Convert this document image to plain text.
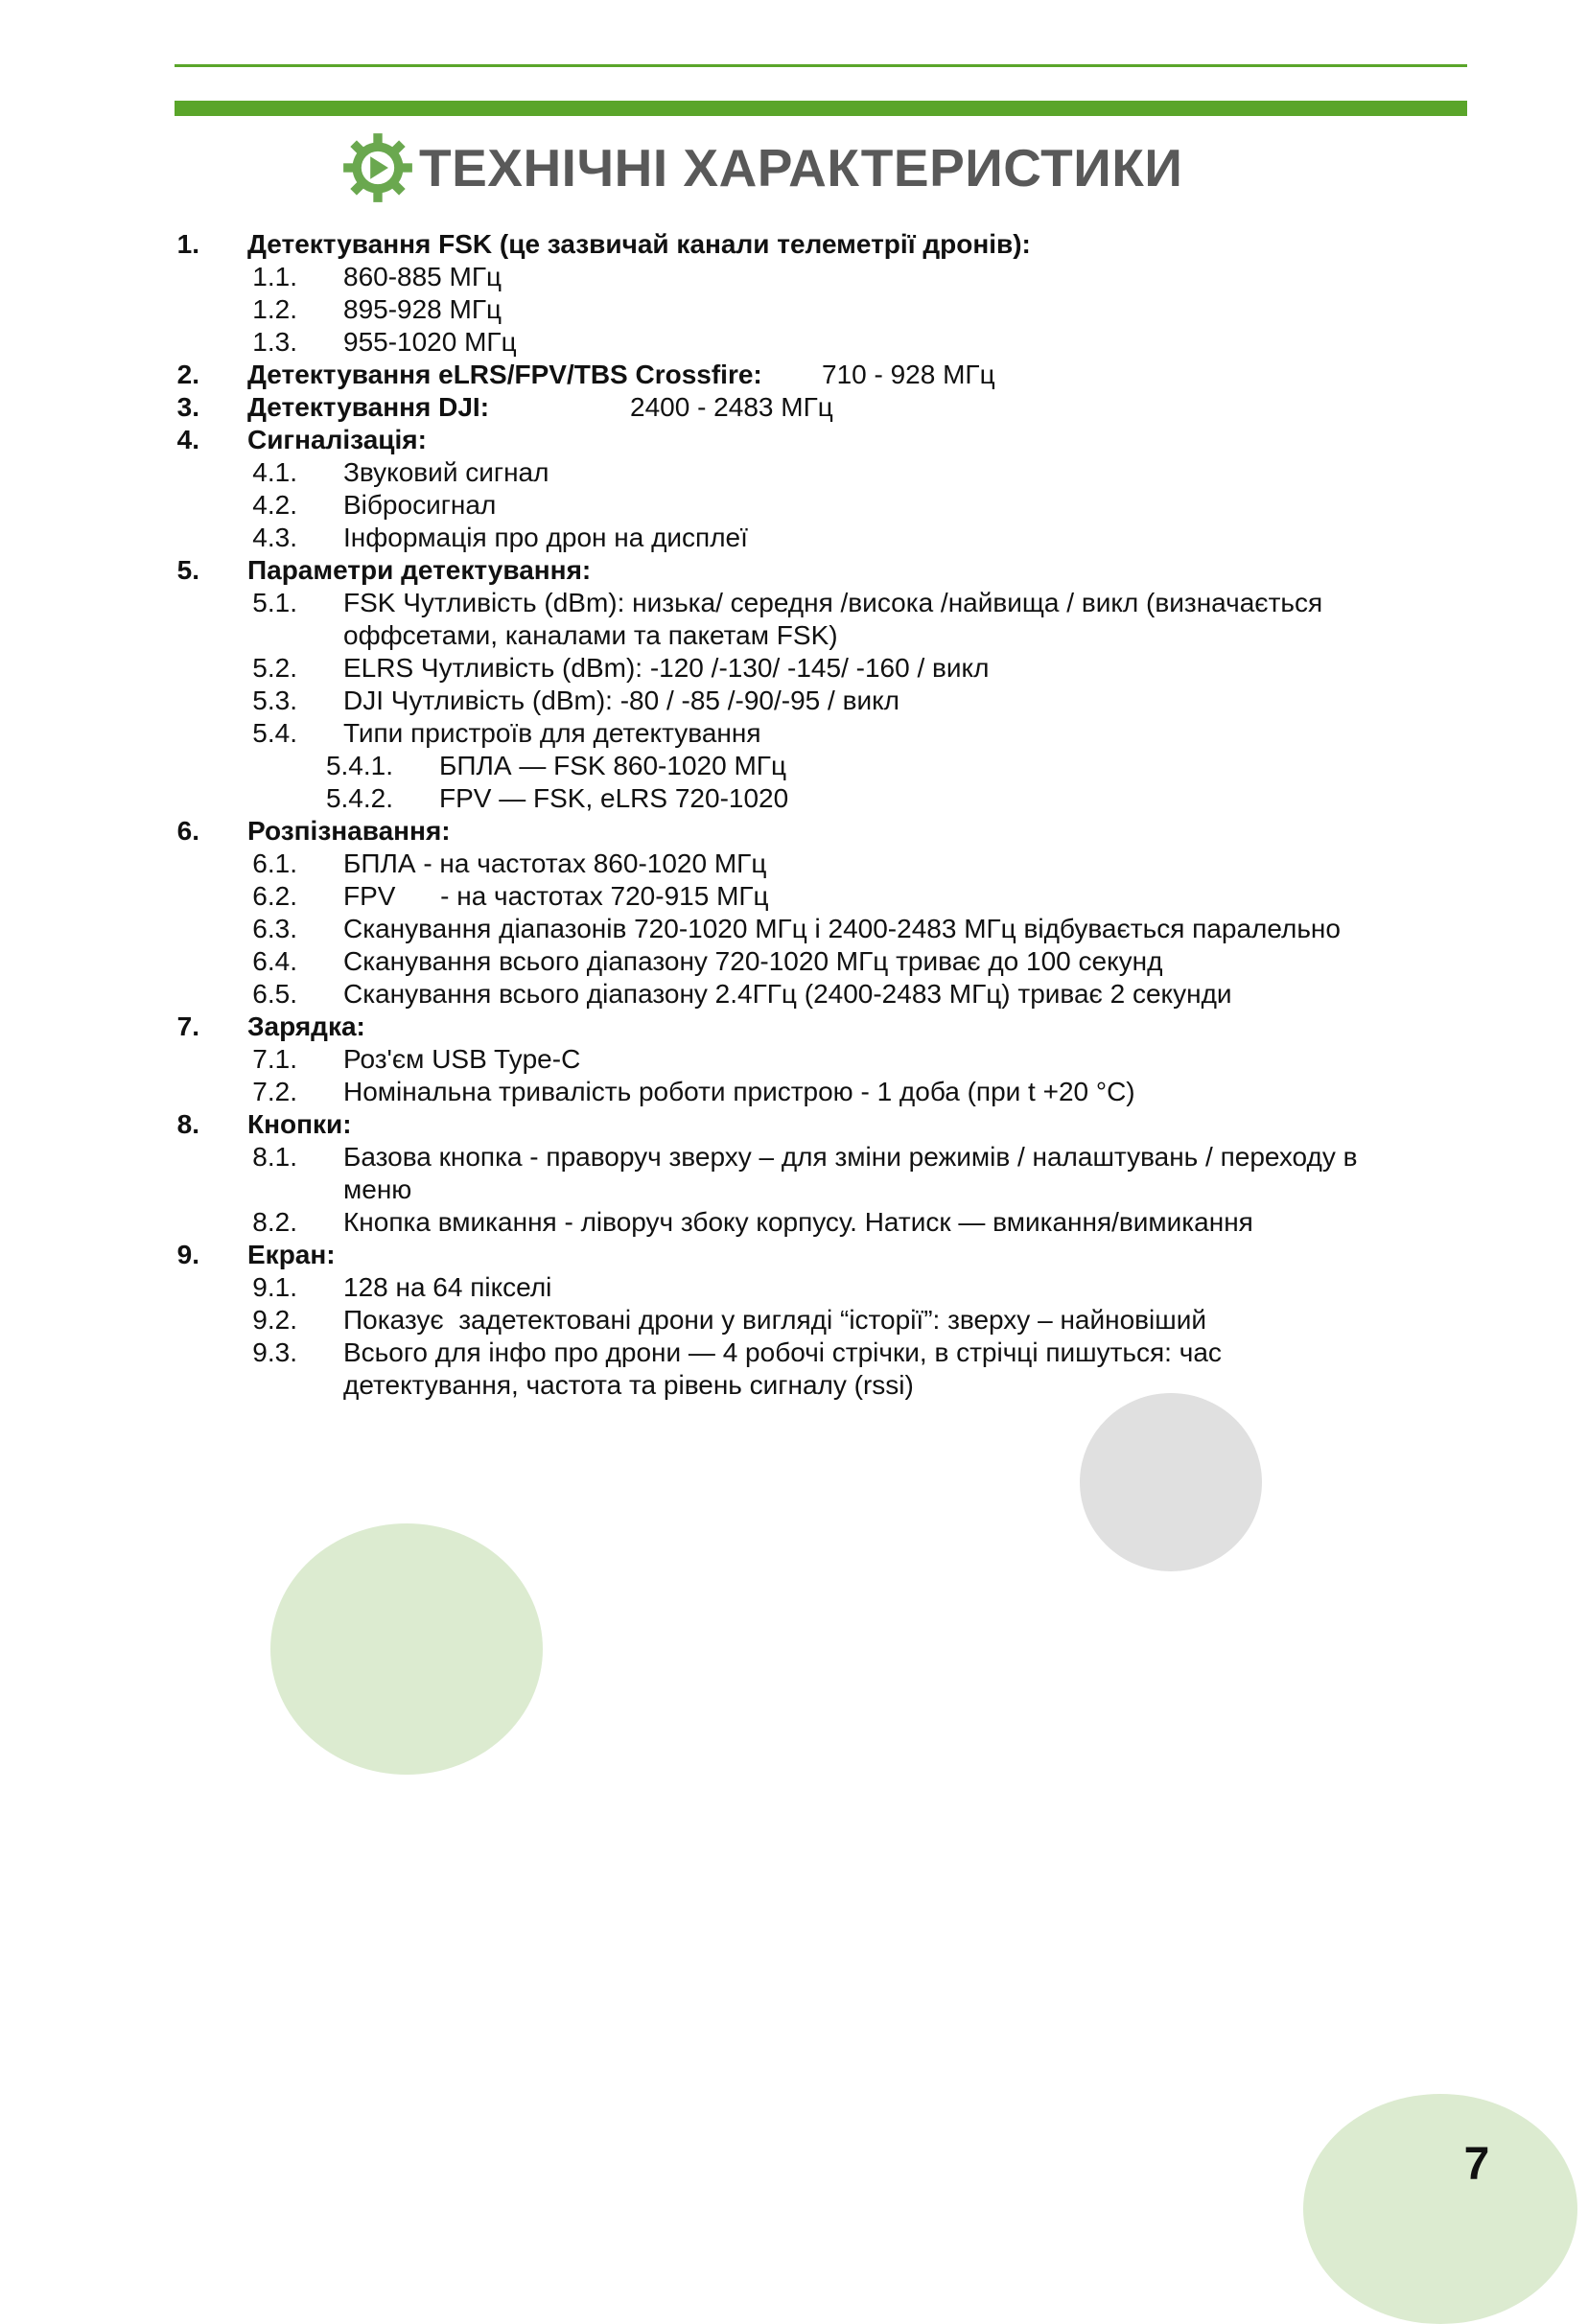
ТЕХНІЧНІ ХАРАКТЕРИСТИКИ
1. Детектування FSK (це зазвичай канали телеметрії дронів):
1.1. 860-885 МГц
1.2. 895-928 МГц
1.3. 955-1020 МГц
2. Детектування eLRS/FPV/TBS Crossfire: 710 - 928 МГц
3. Детектування DJI:	2400 - 2483 МГц
4. Сигналізація:
4.1. Звуковий сигнал
4.2. Вібросигнал
4.3. Інформація про дрон на дисплеї
5. Параметри детектування:
5.1. FSK Чутливість (dBm): низька/ середня /висока /найвища / викл (визначається
оффсетами, каналами та пакетам FSK)
5.2. ELRS Чутливість (dBm): -120 /-130/ -145/ -160 / викл
5.3. DJI Чутливість (dBm): -80 / -85 /-90/-95 / викл
5.4. Типи пристроїв для детектування
5.4.1. БПЛА — FSK 860-1020 МГц
5.4.2. FPV — FSK, eLRS 720-1020
6. Розпізнавання:
6.1. БПЛА - на частотах 860-1020 МГц
6.2. FPV      - на частотах 720-915 МГц
6.3. Сканування діапазонів 720-1020 МГц і 2400-2483 МГц відбувається паралельно
6.4. Сканування всього діапазону 720-1020 МГц триває до 100 секунд
6.5. Сканування всього діапазону 2.4ГГц (2400-2483 МГц) триває 2 секунди
7. Зарядка:
7.1. Роз'єм USB Type-C
7.2. Номінальна тривалість роботи пристрою - 1 доба (при t +20 °C)
8. Кнопки:
8.1. Базова кнопка - праворуч зверху – для зміни режимів / налаштувань / переходу в
меню
8.2. Кнопка вмикання - ліворуч збоку корпусу. Натиск — вмикання/вимикання
9. Екран:
9.1. 128 на 64 пікселі
9.2. Показує  задетектовані дрони у вигляді “історії”: зверху – найновіший
9.3. Всього для інфо про дрони — 4 робочі стрічки, в стрічці пишуться: час
детектування, частота та рівень сигналу (rssi)
7
